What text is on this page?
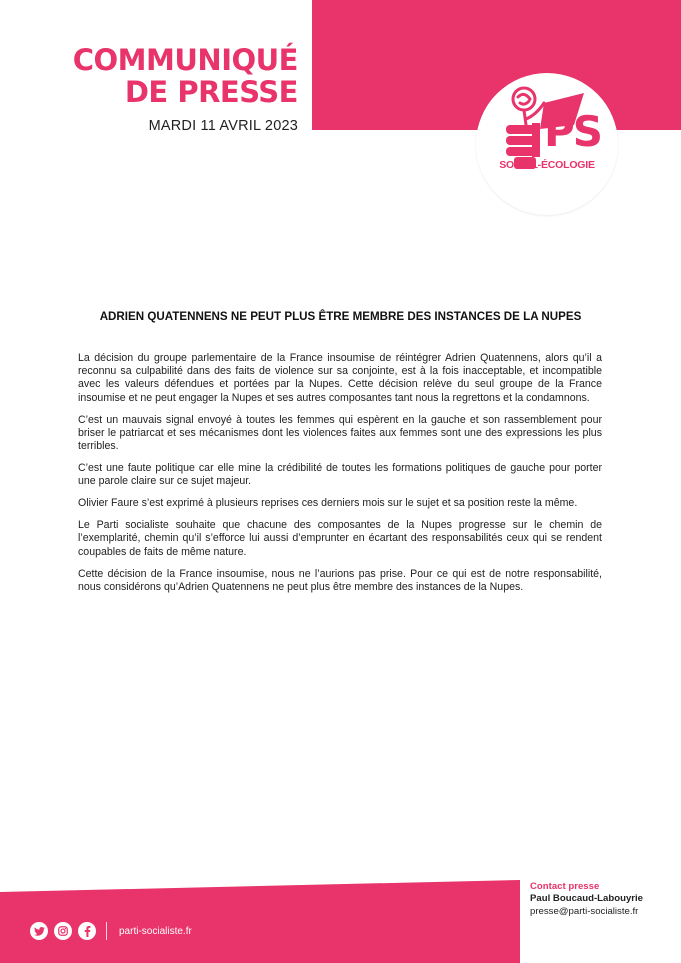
COMMUNIQUÉ
DE PRESSE
MARDI 11 AVRIL 2023	PS
SOCIAL-ÉCOLOGIE
ADRIEN QUATENNENS NE PEUT PLUS ÊTRE MEMBRE DES INSTANCES DE LA NUPES

La décision du groupe parlementaire de la France insoumise de réintégrer Adrien Quatennens, alors qu’il a reconnu sa culpabilité dans des faits de violence sur sa conjointe, est à la fois inacceptable, et incompatible avec les valeurs défendues et portées par la Nupes. Cette décision relève du seul groupe de la France insoumise et ne peut engager la Nupes et ses autres composantes tant nous la regrettons et la condamnons.

C’est un mauvais signal envoyé à toutes les femmes qui espèrent en la gauche et son rassemblement pour briser le patriarcat et ses mécanismes dont les violences faites aux femmes sont une des expressions les plus terribles.

C’est une faute politique car elle mine la crédibilité de toutes les formations politiques de gauche pour porter une parole claire sur ce sujet majeur.

Olivier Faure s’est exprimé à plusieurs reprises ces derniers mois sur le sujet et sa position reste la même.

Le Parti socialiste souhaite que chacune des composantes de la Nupes progresse sur le chemin de l’exemplarité, chemin qu’il s’efforce lui aussi d’emprunter en écartant des responsabilités ceux qui se rendent coupables de faits de même nature.

Cette décision de la France insoumise, nous ne l’aurions pas prise. Pour ce qui est de notre responsabilité, nous considérons qu’Adrien Quatennens ne peut plus être membre des instances de la Nupes.

parti-socialiste.fr
Contact presse
Paul Boucaud-Labouyrie
presse@parti-socialiste.fr
